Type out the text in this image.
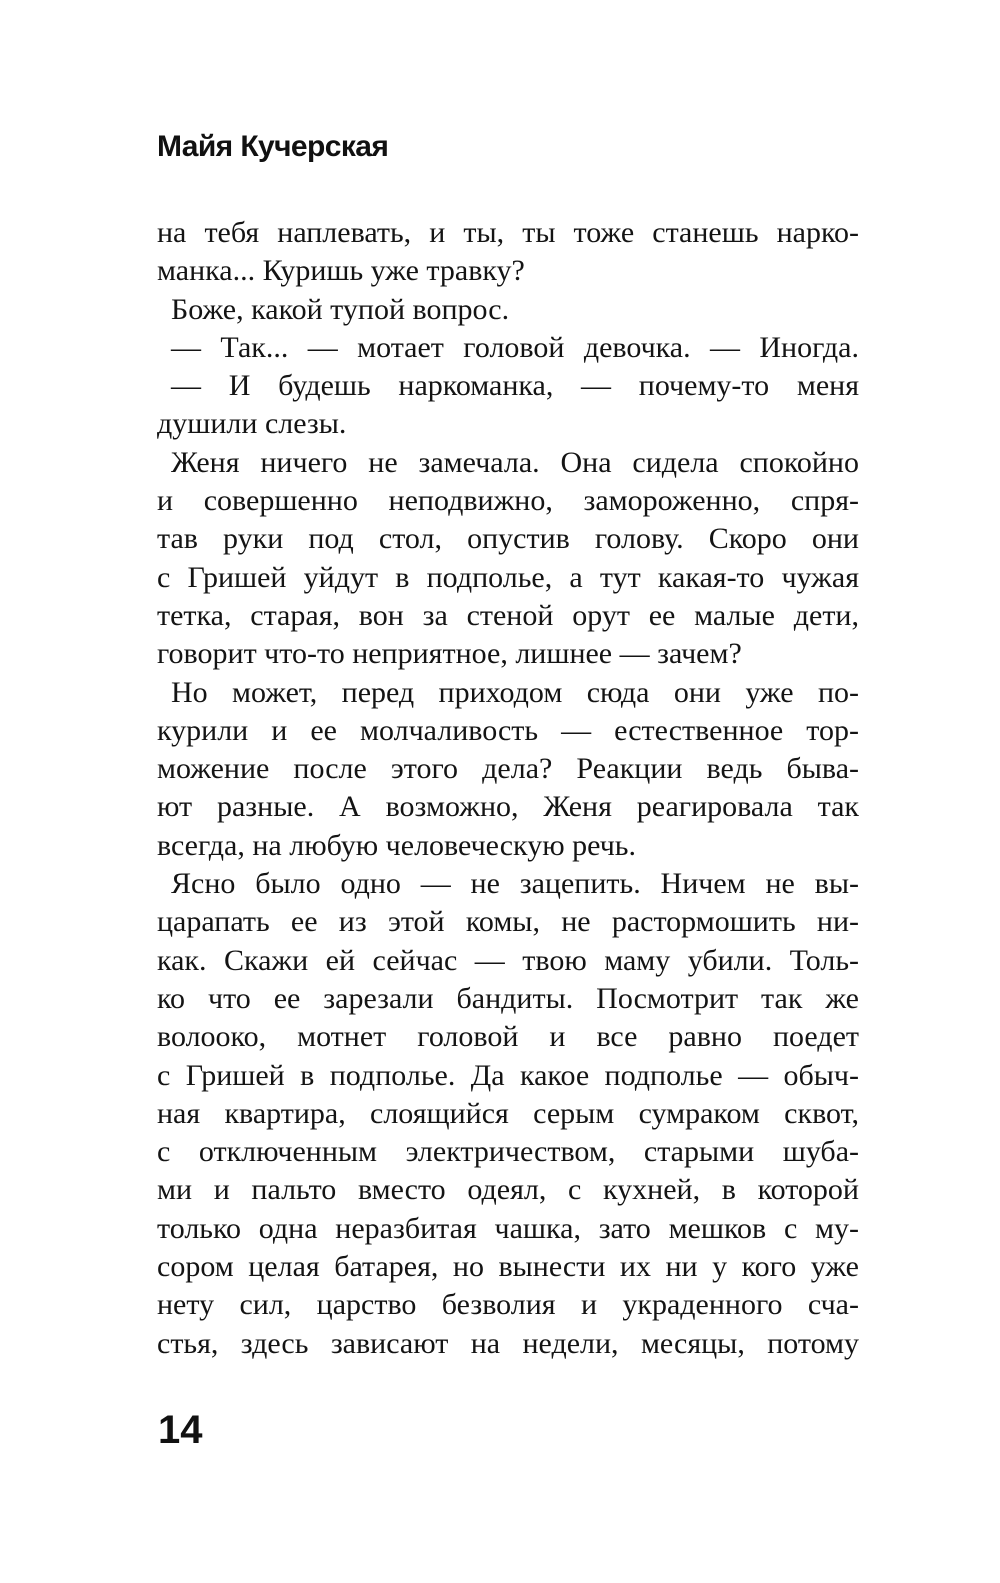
Майя Кучерская
на тебя наплевать, и ты, ты тоже станешь нарко-
манка... Куришь уже травку?
Боже, какой тупой вопрос.
— Так... — мотает головой девочка. — Иногда.
— И будешь наркоманка, — почему-то меня
душили слезы.
Женя ничего не замечала. Она сидела спокойно
и совершенно неподвижно, замороженно, спря-
тав руки под стол, опустив голову. Скоро они
с Гришей уйдут в подполье, а тут какая-то чужая
тетка, старая, вон за стеной орут ее малые дети,
говорит что-то неприятное, лишнее — зачем?
Но может, перед приходом сюда они уже по-
курили и ее молчаливость — естественное тор-
можение после этого дела? Реакции ведь быва-
ют разные. А возможно, Женя реагировала так
всегда, на любую человеческую речь.
Ясно было одно — не зацепить. Ничем не вы-
царапать ее из этой комы, не растормошить ни-
как. Скажи ей сейчас — твою маму убили. Толь-
ко что ее зарезали бандиты. Посмотрит так же
волооко, мотнет головой и все равно поедет
с Гришей в подполье. Да какое подполье — обыч-
ная квартира, слоящийся серым сумраком сквот,
с отключенным электричеством, старыми шуба-
ми и пальто вместо одеял, с кухней, в которой
только одна неразбитая чашка, зато мешков с му-
сором целая батарея, но вынести их ни у кого уже
нету сил, царство безволия и украденного сча-
стья, здесь зависают на недели, месяцы, потому
14
